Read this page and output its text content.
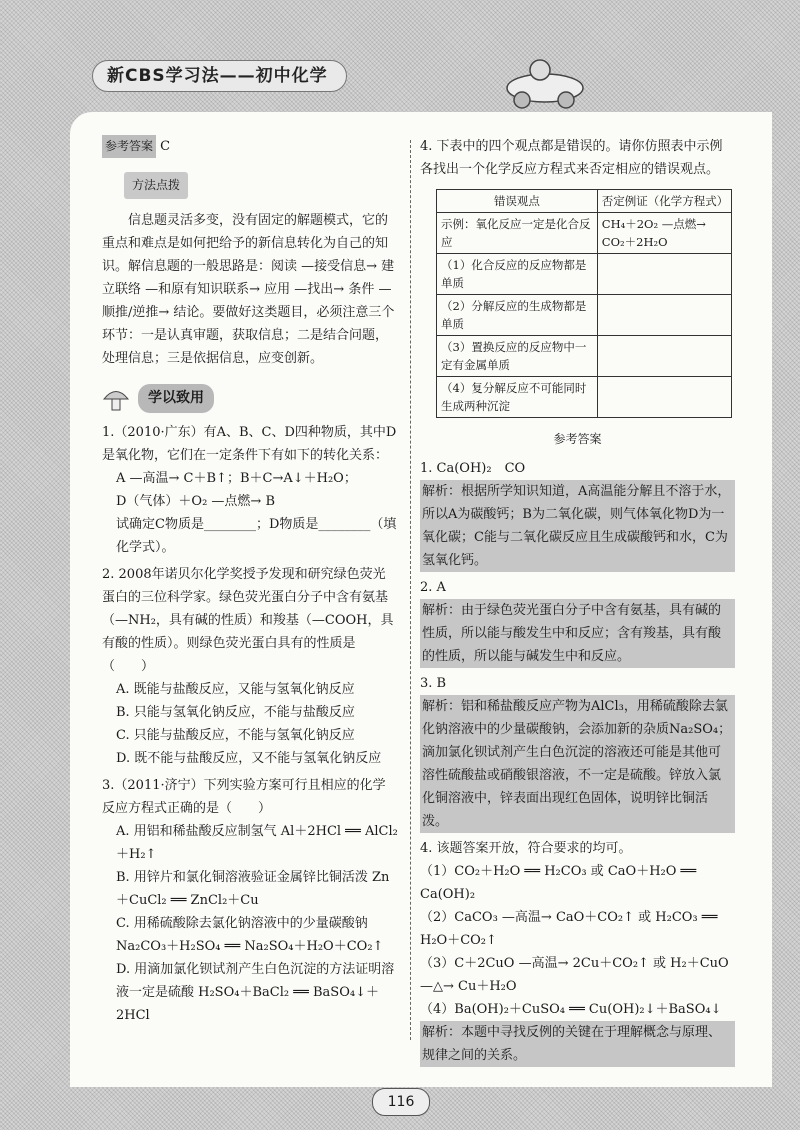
新CBS学习法——初中化学

参考答案 C

方法点拨

信息题灵活多变，没有固定的解题模式，它的重点和难点是如何把给予的新信息转化为自己的知识。解信息题的一般思路是：阅读 —接受信息→ 建立联络 —和原有知识联系→ 应用 —找出→ 条件 —顺推/逆推→ 结论。要做好这类题目，必须注意三个环节：一是认真审题，获取信息；二是结合问题，处理信息；三是依据信息，应变创新。

学以致用

1.（2010·广东）有A、B、C、D四种物质，其中D是氧化物，它们在一定条件下有如下的转化关系：

A —高温→ C＋B↑；B＋C→A↓＋H₂O；

D（气体）＋O₂ —点燃→ B

试确定C物质是________；D物质是________（填化学式）。

2. 2008年诺贝尔化学奖授予发现和研究绿色荧光蛋白的三位科学家。绿色荧光蛋白分子中含有氨基（—NH₂，具有碱的性质）和羧基（—COOH，具有酸的性质）。则绿色荧光蛋白具有的性质是（　　）

A. 既能与盐酸反应，又能与氢氧化钠反应

B. 只能与氢氧化钠反应，不能与盐酸反应

C. 只能与盐酸反应，不能与氢氧化钠反应

D. 既不能与盐酸反应，又不能与氢氧化钠反应

3.（2011·济宁）下列实验方案可行且相应的化学反应方程式正确的是（　　）

A. 用铝和稀盐酸反应制氢气 Al＋2HCl ══ AlCl₂＋H₂↑

B. 用锌片和氯化铜溶液验证金属锌比铜活泼 Zn＋CuCl₂ ══ ZnCl₂＋Cu

C. 用稀硫酸除去氯化钠溶液中的少量碳酸钠 Na₂CO₃＋H₂SO₄ ══ Na₂SO₄＋H₂O＋CO₂↑

D. 用滴加氯化钡试剂产生白色沉淀的方法证明溶液一定是硫酸 H₂SO₄＋BaCl₂ ══ BaSO₄↓＋2HCl

4. 下表中的四个观点都是错误的。请你仿照表中示例各找出一个化学反应方程式来否定相应的错误观点。

错误观点	否定例证（化学方程式）
示例：氧化反应一定是化合反应	CH₄＋2O₂ —点燃→ CO₂＋2H₂O
（1）化合反应的反应物都是单质	
（2）分解反应的生成物都是单质	
（3）置换反应的反应物中一定有金属单质	
（4）复分解反应不可能同时生成两种沉淀	

参考答案

1. Ca(OH)₂　CO

解析：根据所学知识知道，A高温能分解且不溶于水，所以A为碳酸钙；B为二氧化碳，则气体氧化物D为一氧化碳；C能与二氧化碳反应且生成碳酸钙和水，C为氢氧化钙。

2. A

解析：由于绿色荧光蛋白分子中含有氨基，具有碱的性质，所以能与酸发生中和反应；含有羧基，具有酸的性质，所以能与碱发生中和反应。

3. B

解析：铝和稀盐酸反应产物为AlCl₃，用稀硫酸除去氯化钠溶液中的少量碳酸钠，会添加新的杂质Na₂SO₄；滴加氯化钡试剂产生白色沉淀的溶液还可能是其他可溶性硫酸盐或硝酸银溶液，不一定是硫酸。锌放入氯化铜溶液中，锌表面出现红色固体，说明锌比铜活泼。

4. 该题答案开放，符合要求的均可。

（1）CO₂＋H₂O ══ H₂CO₃ 或 CaO＋H₂O ══ Ca(OH)₂

（2）CaCO₃ —高温→ CaO＋CO₂↑ 或 H₂CO₃ ══ H₂O＋CO₂↑

（3）C＋2CuO —高温→ 2Cu＋CO₂↑ 或 H₂＋CuO —△→ Cu＋H₂O

（4）Ba(OH)₂＋CuSO₄ ══ Cu(OH)₂↓＋BaSO₄↓

解析：本题中寻找反例的关键在于理解概念与原理、规律之间的关系。

116
